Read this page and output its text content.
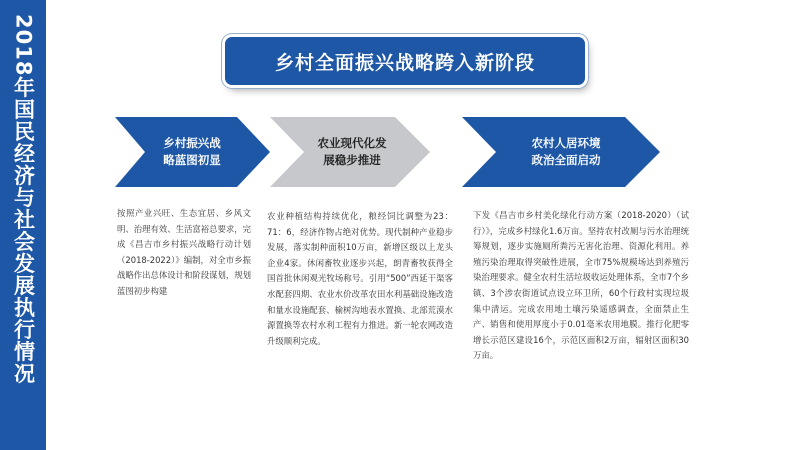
2018年国民经济与社会发展执行情况	乡村全面振兴战略跨入新阶段
乡村振兴战
略蓝图初显
农业现代化发
展稳步推进
农村人居环境
政治全面启动
按照产业兴旺、生态宜居、乡风文明、治理有效、生活富裕总要求，完成《昌吉市乡村振兴战略行动计划（2018-2022）》编制，对全市乡振战略作出总体设计和阶段谋划，规划蓝图初步构建
农业种植结构持续优化，粮经饲比调整为23：71：6，经济作物占绝对优势。现代制种产业稳步发展，落实制种面积10万亩，新增区级以上龙头企业4家。休闲畜牧业逐步兴起，朗青畜牧获得全国首批休闲观光牧场称号。引用“500”西延干渠客水配套四期、农业水价改革农田水利基础设施改造和量水设施配套、榆树沟地表水置换、北部荒漠水源置换等农村水利工程有力推进。新一轮农网改造升级顺利完成。
下发《昌吉市乡村美化绿化行动方案（2018-2020）（试行）》，完成乡村绿化1.6万亩。坚持农村改厕与污水治理统筹规划，逐步实施厕所粪污无害化治理、资源化利用。养殖污染治理取得突破性进展，全市75%规模场达到养殖污染治理要求。健全农村生活垃圾收运处理体系，全市7个乡镇、3个涉农街道试点设立环卫所，60个行政村实现垃圾集中清运。完成农用地土壤污染遥感调查，全面禁止生产、销售和使用厚度小于0.01毫米农用地膜。推行化肥零增长示范区建设16个，示范区面积2万亩，辐射区面积30万亩。
